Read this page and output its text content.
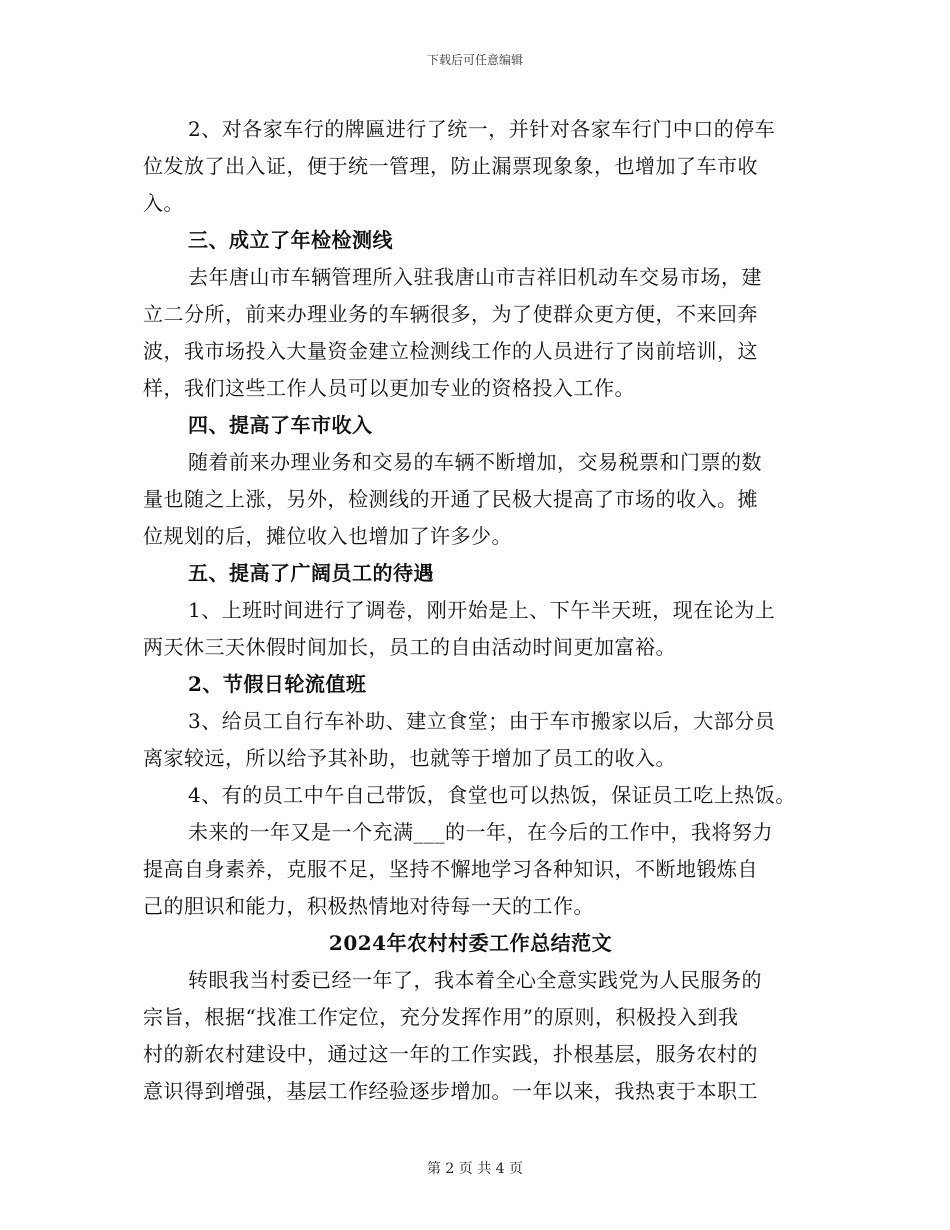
下载后可任意编辑
2、对各家车行的牌匾进行了统一，并针对各家车行门中口的停车
位发放了出入证，便于统一管理，防止漏票现象象，也增加了车市收
入。
三、成立了年检检测线
去年唐山市车辆管理所入驻我唐山市吉祥旧机动车交易市场，建
立二分所，前来办理业务的车辆很多，为了使群众更方便，不来回奔
波，我市场投入大量资金建立检测线工作的人员进行了岗前培训，这
样，我们这些工作人员可以更加专业的资格投入工作。
四、提高了车市收入
随着前来办理业务和交易的车辆不断增加，交易税票和门票的数
量也随之上涨，另外，检测线的开通了民极大提高了市场的收入。摊
位规划的后，摊位收入也增加了许多少。
五、提高了广阔员工的待遇
1、上班时间进行了调卷，刚开始是上、下午半天班，现在论为上
两天休三天休假时间加长，员工的自由活动时间更加富裕。
2、节假日轮流值班
3、给员工自行车补助、建立食堂；由于车市搬家以后，大部分员
离家较远，所以给予其补助，也就等于增加了员工的收入。
4、有的员工中午自己带饭，食堂也可以热饭，保证员工吃上热饭。
未来的一年又是一个充满___的一年，在今后的工作中，我将努力
提高自身素养，克服不足，坚持不懈地学习各种知识，不断地锻炼自
己的胆识和能力，积极热情地对待每一天的工作。
2024年农村村委工作总结范文
转眼我当村委已经一年了，我本着全心全意实践党为人民服务的
宗旨，根据“找准工作定位，充分发挥作用”的原则，积极投入到我
村的新农村建设中，通过这一年的工作实践，扑根基层，服务农村的
意识得到增强，基层工作经验逐步增加。一年以来，我热衷于本职工
第 2 页 共 4 页
